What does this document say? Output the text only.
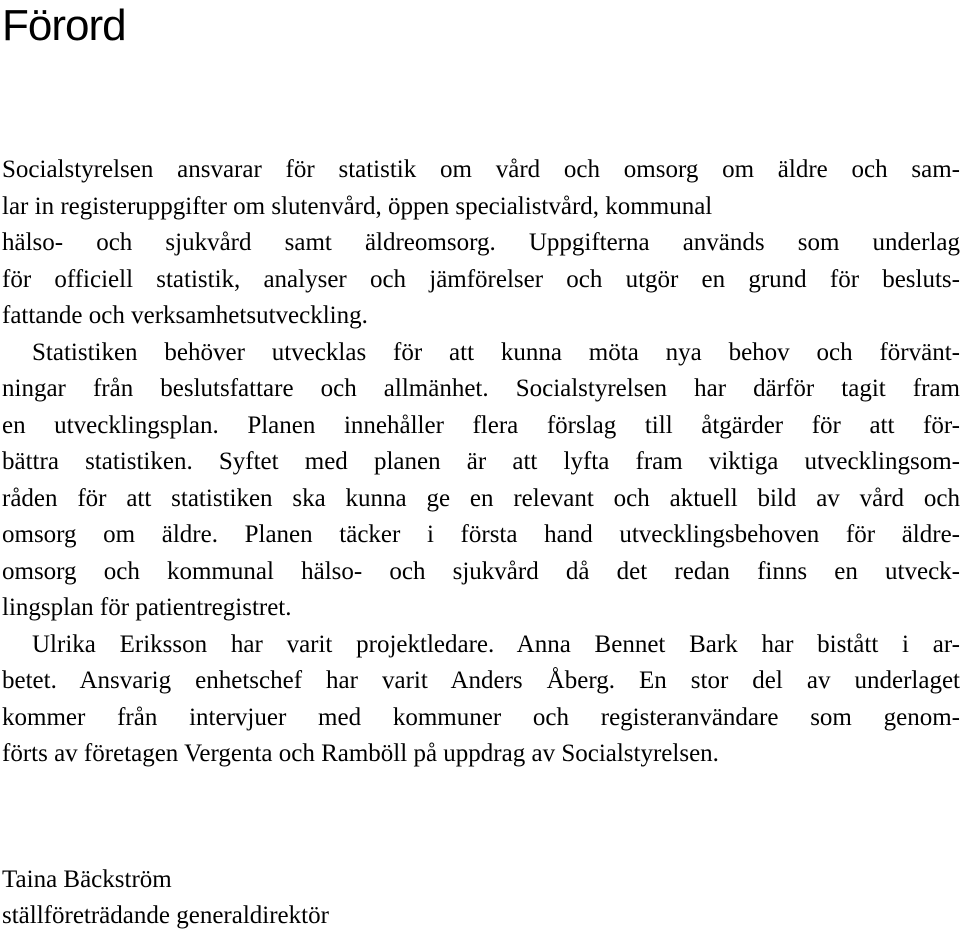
Förord
Socialstyrelsen ansvarar för statistik om vård och omsorg om äldre och sam-
lar in registeruppgifter om slutenvård, öppen specialistvård, kommunal
hälso- och sjukvård samt äldreomsorg. Uppgifterna används som underlag
för officiell statistik, analyser och jämförelser och utgör en grund för besluts-
fattande och verksamhetsutveckling.
Statistiken behöver utvecklas för att kunna möta nya behov och förvänt-
ningar från beslutsfattare och allmänhet. Socialstyrelsen har därför tagit fram
en utvecklingsplan. Planen innehåller flera förslag till åtgärder för att för-
bättra statistiken. Syftet med planen är att lyfta fram viktiga utvecklingsom-
råden för att statistiken ska kunna ge en relevant och aktuell bild av vård och
omsorg om äldre. Planen täcker i första hand utvecklingsbehoven för äldre-
omsorg och kommunal hälso- och sjukvård då det redan finns en utveck-
lingsplan för patientregistret.
Ulrika Eriksson har varit projektledare. Anna Bennet Bark har bistått i ar-
betet. Ansvarig enhetschef har varit Anders Åberg. En stor del av underlaget
kommer från intervjuer med kommuner och registeranvändare som genom-
förts av företagen Vergenta och Ramböll på uppdrag av Socialstyrelsen.
Taina Bäckström
ställföreträdande generaldirektör
